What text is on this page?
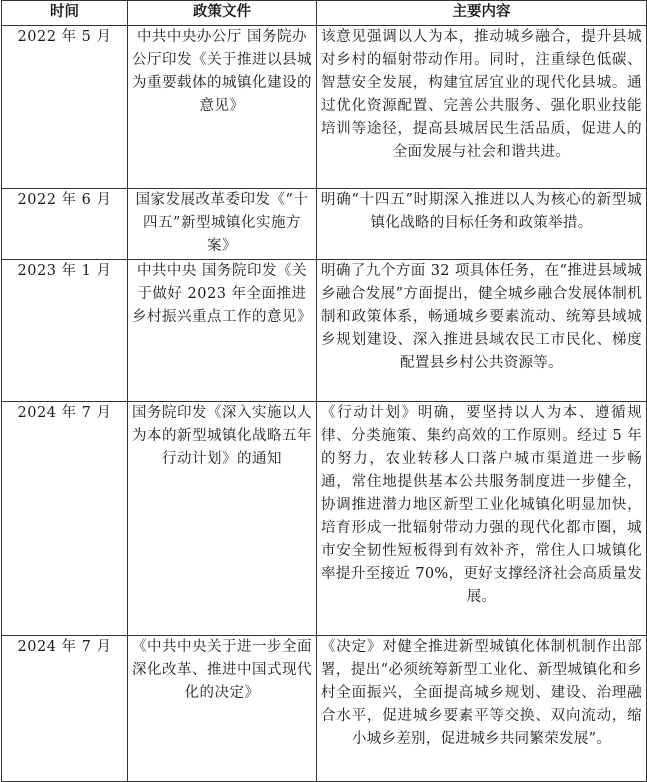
时间	政策文件	主要内容
2022 年 5 月	中共中央办公厅 国务院办公厅印发《关于推进以县城为重要载体的城镇化建设的意见》	该意见强调以人为本，推动城乡融合，提升县城对乡村的辐射带动作用。同时，注重绿色低碳、智慧安全发展，构建宜居宜业的现代化县城。通过优化资源配置、完善公共服务、强化职业技能培训等途径，提高县城居民生活品质，促进人的全面发展与社会和谐共进。
2022 年 6 月	国家发展改革委印发《“十四五”新型城镇化实施方案》	明确“十四五”时期深入推进以人为核心的新型城镇化战略的目标任务和政策举措。
2023 年 1 月	中共中央 国务院印发《关于做好 2023 年全面推进乡村振兴重点工作的意见》	明确了九个方面 32 项具体任务，在“推进县域城乡融合发展”方面提出，健全城乡融合发展体制机制和政策体系，畅通城乡要素流动、统筹县域城乡规划建设、深入推进县域农民工市民化、梯度配置县乡村公共资源等。
2024 年 7 月	国务院印发《深入实施以人为本的新型城镇化战略五年行动计划》的通知	《行动计划》明确，要坚持以人为本、遵循规律、分类施策、集约高效的工作原则。经过 5 年的努力，农业转移人口落户城市渠道进一步畅通，常住地提供基本公共服务制度进一步健全，协调推进潜力地区新型工业化城镇化明显加快，培育形成一批辐射带动力强的现代化都市圈，城市安全韧性短板得到有效补齐，常住人口城镇化率提升至接近 70%，更好支撑经济社会高质量发展。
2024 年 7 月	《中共中央关于进一步全面深化改革、推进中国式现代化的决定》	《决定》对健全推进新型城镇化体制机制作出部署，提出“必须统筹新型工业化、新型城镇化和乡村全面振兴，全面提高城乡规划、建设、治理融合水平，促进城乡要素平等交换、双向流动，缩小城乡差别，促进城乡共同繁荣发展”。
